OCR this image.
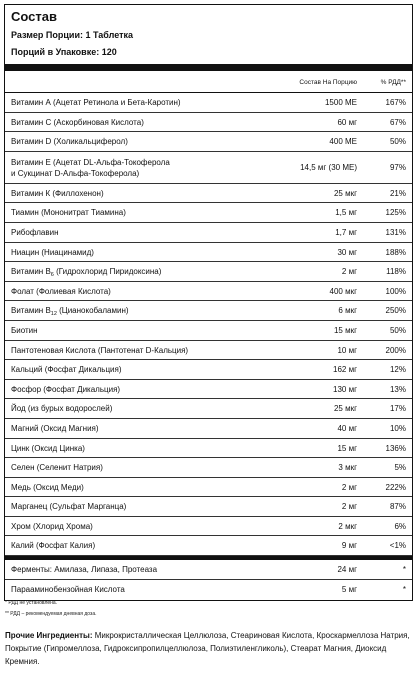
Состав
Размер Порции: 1 Таблетка
Порций в Упаковке: 120
Состав На Порцию	% РДД**
Витамин А (Ацетат Ретинола и Бета-Каротин)	1500 МЕ	167%
Витамин С (Аскорбиновая Кислота)	60 мг	67%
Витамин D (Холикальциферол)	400 МЕ	50%
Витамин Е (Ацетат DL-Альфа-Токоферола
и Сукцинат D-Альфа-Токоферола)
14,5 мг (30 МЕ)	97%
Витамин К (Филлохенон)	25 мкг	21%
Тиамин (Мононитрат Тиамина)	1,5 мг	125%
Рибофлавин	1,7 мг	131%
Ниацин (Ниацинамид)	30 мг	188%
Витамин $B_6$ (Гидрохлорид Пиридоксина)	2 мг	118%
Фолат (Фолиевая Кислота)	400 мкг	100%
Витамин $B_{12}$ (Цианокобаламин)	6 мкг	250%
Биотин	15 мкг	50%
Пантотеновая Кислота (Пантотенат D-Кальция)	10 мг	200%
Кальций (Фосфат Дикальция)	162 мг	12%
Фосфор (Фосфат Дикальция)	130 мг	13%
Йод (из бурых водорослей)	25 мкг	17%
Магний (Оксид Магния)	40 мг	10%
Цинк (Оксид Цинка)	15 мг	136%
Селен (Селенит Натрия)	3 мкг	5%
Медь (Оксид Меди)	2 мг	222%
Марганец (Сульфат Марганца)	2 мг	87%
Хром (Хлорид Хрома)	2 мкг	6%
Калий (Фосфат Калия)	9 мг	<1%
Ферменты: Амилаза, Липаза, Протеаза	24 мг	*
Парааминобензойная Кислота	5 мг	*
* РДД не установлена.
** РДД – рекомендуемая дневная доза.
Прочие Ингредиенты: Микрокристаллическая Целлюлоза, Стеариновая Кислота, Кроскармеллоза Натрия, Покрытие (Гипромеллоза, Гидроксипропилцеллюлоза, Полиэтиленгликоль), Стеарат Магния, Диоксид Кремния.
